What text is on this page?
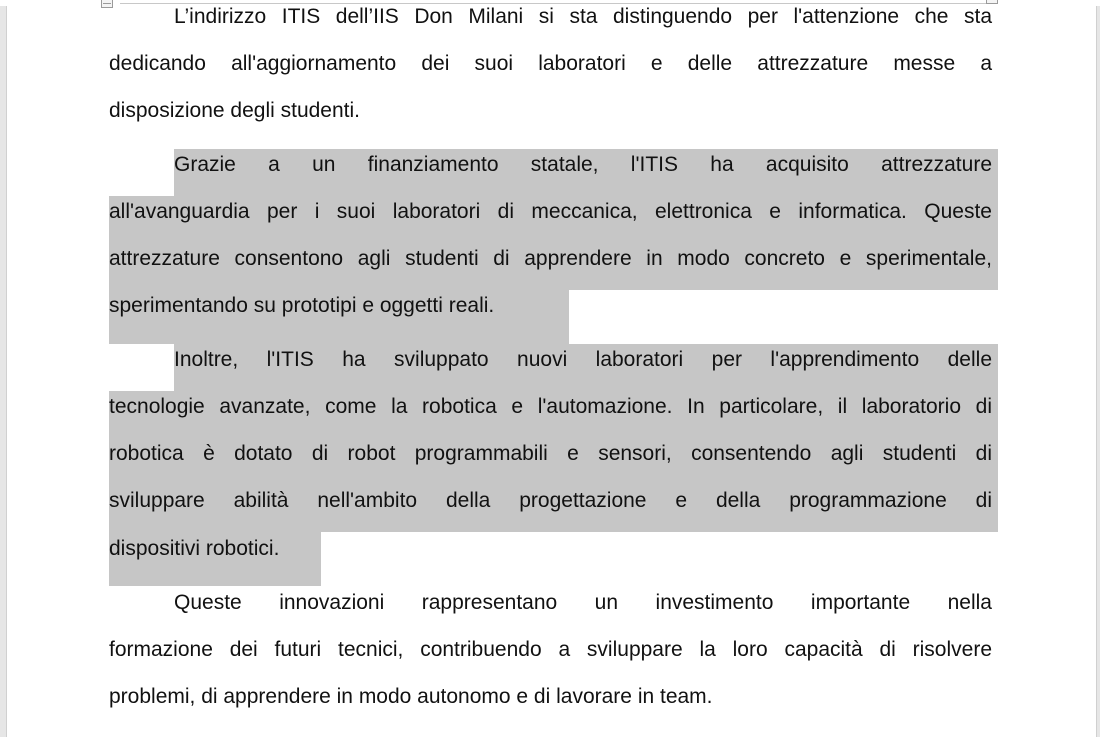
L’indirizzo ITIS dell’IIS Don Milani si sta distinguendo per l'attenzione che sta
dedicando all'aggiornamento dei suoi laboratori e delle attrezzature messe a
disposizione degli studenti.
Grazie a un finanziamento statale, l'ITIS ha acquisito attrezzature
all'avanguardia per i suoi laboratori di meccanica, elettronica e informatica. Queste
attrezzature consentono agli studenti di apprendere in modo concreto e sperimentale,
sperimentando su prototipi e oggetti reali.
Inoltre, l'ITIS ha sviluppato nuovi laboratori per l'apprendimento delle
tecnologie avanzate, come la robotica e l'automazione. In particolare, il laboratorio di
robotica è dotato di robot programmabili e sensori, consentendo agli studenti di
sviluppare abilità nell'ambito della progettazione e della programmazione di
dispositivi robotici.
Queste innovazioni rappresentano un investimento importante nella
formazione dei futuri tecnici, contribuendo a sviluppare la loro capacità di risolvere
problemi, di apprendere in modo autonomo e di lavorare in team.
